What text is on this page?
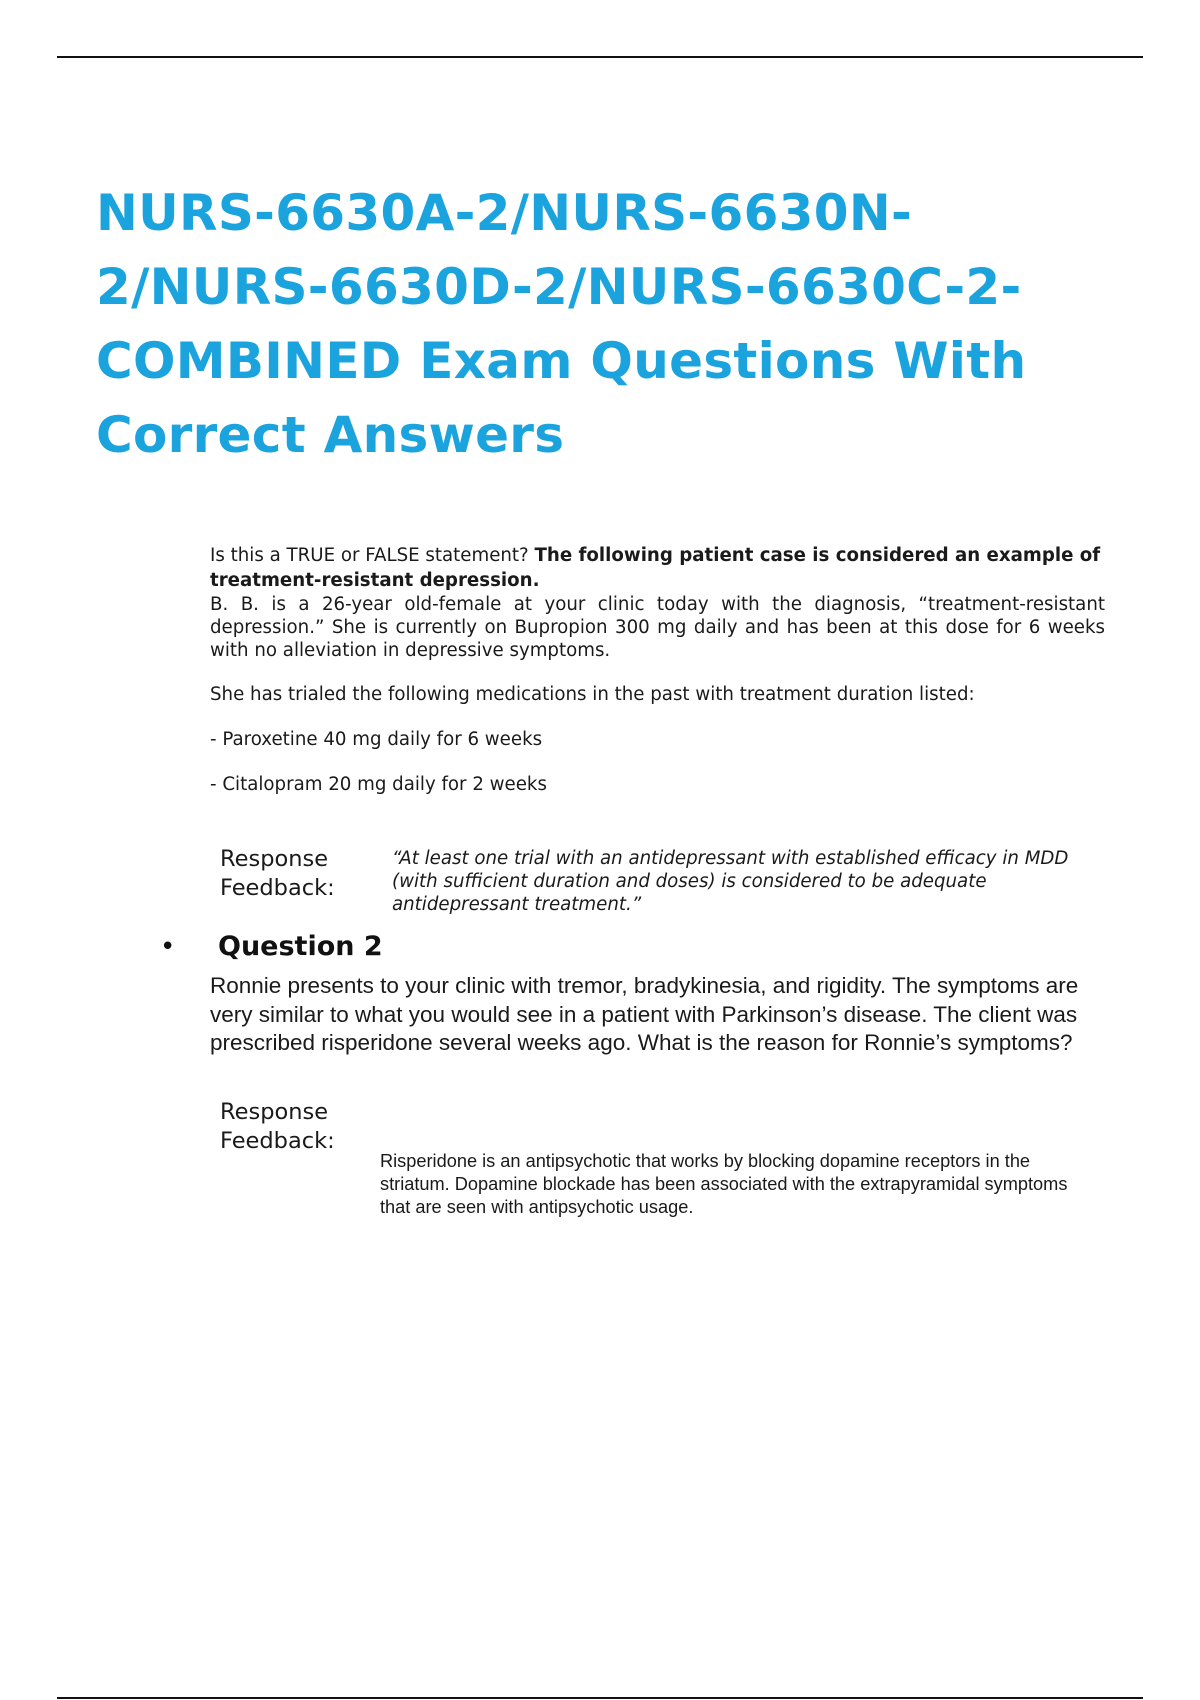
NURS-6630A-2/NURS-6630N-
2/NURS-6630D-2/NURS-6630C-2-
COMBINED Exam Questions With
Correct Answers

Is this a TRUE or FALSE statement? The following patient case is considered an example of treatment-resistant depression.

B. B. is a 26-year old-female at your clinic today with the diagnosis, “treatment-resistant depression.” She is currently on Bupropion 300 mg daily and has been at this dose for 6 weeks with no alleviation in depressive symptoms.

She has trialed the following medications in the past with treatment duration listed:

- Paroxetine 40 mg daily for 6 weeks

- Citalopram 20 mg daily for 2 weeks

Response
Feedback:

“At least one trial with an antidepressant with established efficacy in MDD (with sufficient duration and doses) is considered to be adequate antidepressant treatment.”

• Question 2

Ronnie presents to your clinic with tremor, bradykinesia, and rigidity. The symptoms are very similar to what you would see in a patient with Parkinson’s disease. The client was prescribed risperidone several weeks ago. What is the reason for Ronnie’s symptoms?

Response
Feedback:

Risperidone is an antipsychotic that works by blocking dopamine receptors in the striatum. Dopamine blockade has been associated with the extrapyramidal symptoms that are seen with antipsychotic usage.
